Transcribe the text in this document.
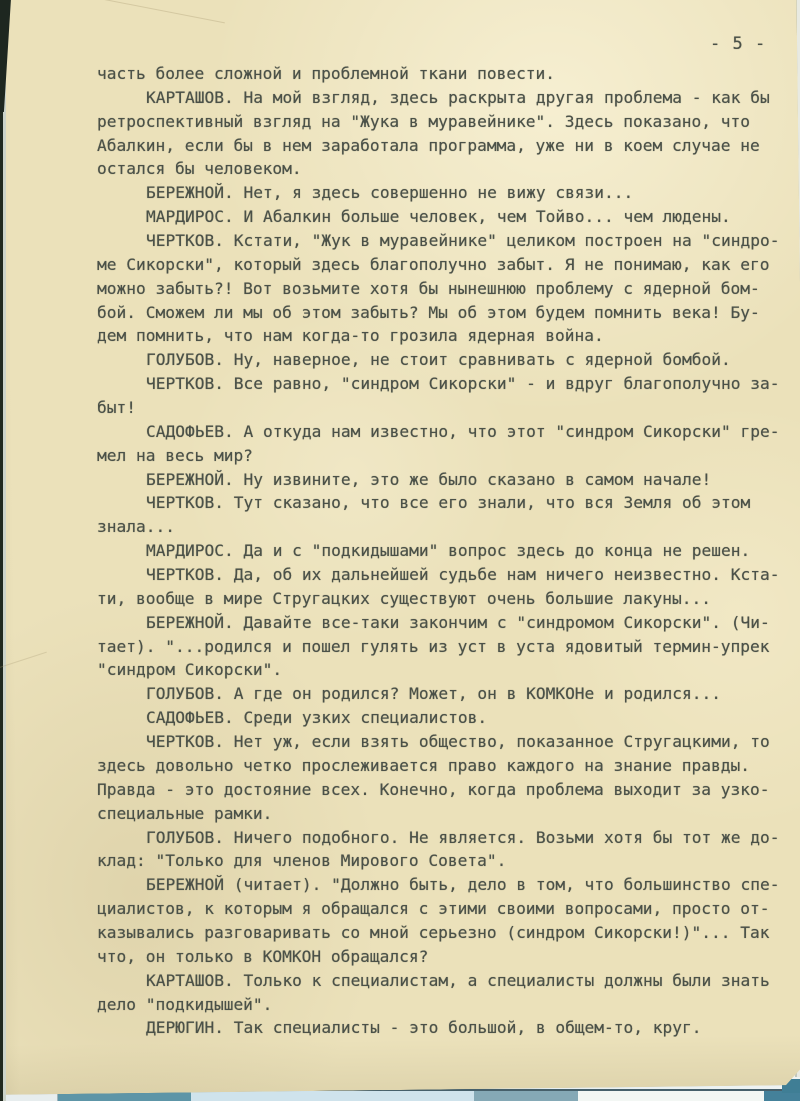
- 5 -
часть более сложной и проблемной ткани повести.
КАРТАШОВ. На мой взгляд, здесь раскрыта другая проблема - как бы
ретроспективный взгляд на "Жука в муравейнике". Здесь показано, что
Абалкин, если бы в нем заработала программа, уже ни в коем случае не
остался бы человеком.
БЕРЕЖНОЙ. Нет, я здесь совершенно не вижу связи...
МАРДИРОС. И Абалкин больше человек, чем Тойво... чем людены.
ЧЕРТКОВ. Кстати, "Жук в муравейнике" целиком построен на "синдро-
ме Сикорски", который здесь благополучно забыт. Я не понимаю, как его
можно забыть?! Вот возьмите хотя бы нынешнюю проблему с ядерной бом-
бой. Сможем ли мы об этом забыть? Мы об этом будем помнить века! Бу-
дем помнить, что нам когда-то грозила ядерная война.
ГОЛУБОВ. Ну, наверное, не стоит сравнивать с ядерной бомбой.
ЧЕРТКОВ. Все равно, "синдром Сикорски" - и вдруг благополучно за-
быт!
САДОФЬЕВ. А откуда нам известно, что этот "синдром Сикорски" гре-
мел на весь мир?
БЕРЕЖНОЙ. Ну извините, это же было сказано в самом начале!
ЧЕРТКОВ. Тут сказано, что все его знали, что вся Земля об этом
знала...
МАРДИРОС. Да и с "подкидышами" вопрос здесь до конца не решен.
ЧЕРТКОВ. Да, об их дальнейшей судьбе нам ничего неизвестно. Кста-
ти, вообще в мире Стругацких существуют очень большие лакуны...
БЕРЕЖНОЙ. Давайте все-таки закончим с "синдромом Сикорски". (Чи-
тает). "...родился и пошел гулять из уст в уста ядовитый термин-упрек
"синдром Сикорски".
ГОЛУБОВ. А где он родился? Может, он в КОМКОНе и родился...
САДОФЬЕВ. Среди узких специалистов.
ЧЕРТКОВ. Нет уж, если взять общество, показанное Стругацкими, то
здесь довольно четко прослеживается право каждого на знание правды.
Правда - это достояние всех. Конечно, когда проблема выходит за узко-
специальные рамки.
ГОЛУБОВ. Ничего подобного. Не является. Возьми хотя бы тот же до-
клад: "Только для членов Мирового Совета".
БЕРЕЖНОЙ (читает). "Должно быть, дело в том, что большинство спе-
циалистов, к которым я обращался с этими своими вопросами, просто от-
казывались разговаривать со мной серьезно (синдром Сикорски!)"... Так
что, он только в КОМКОН обращался?
КАРТАШОВ. Только к специалистам, а специалисты должны были знать
дело "подкидышей".
ДЕРЮГИН. Так специалисты - это большой, в общем-то, круг.
